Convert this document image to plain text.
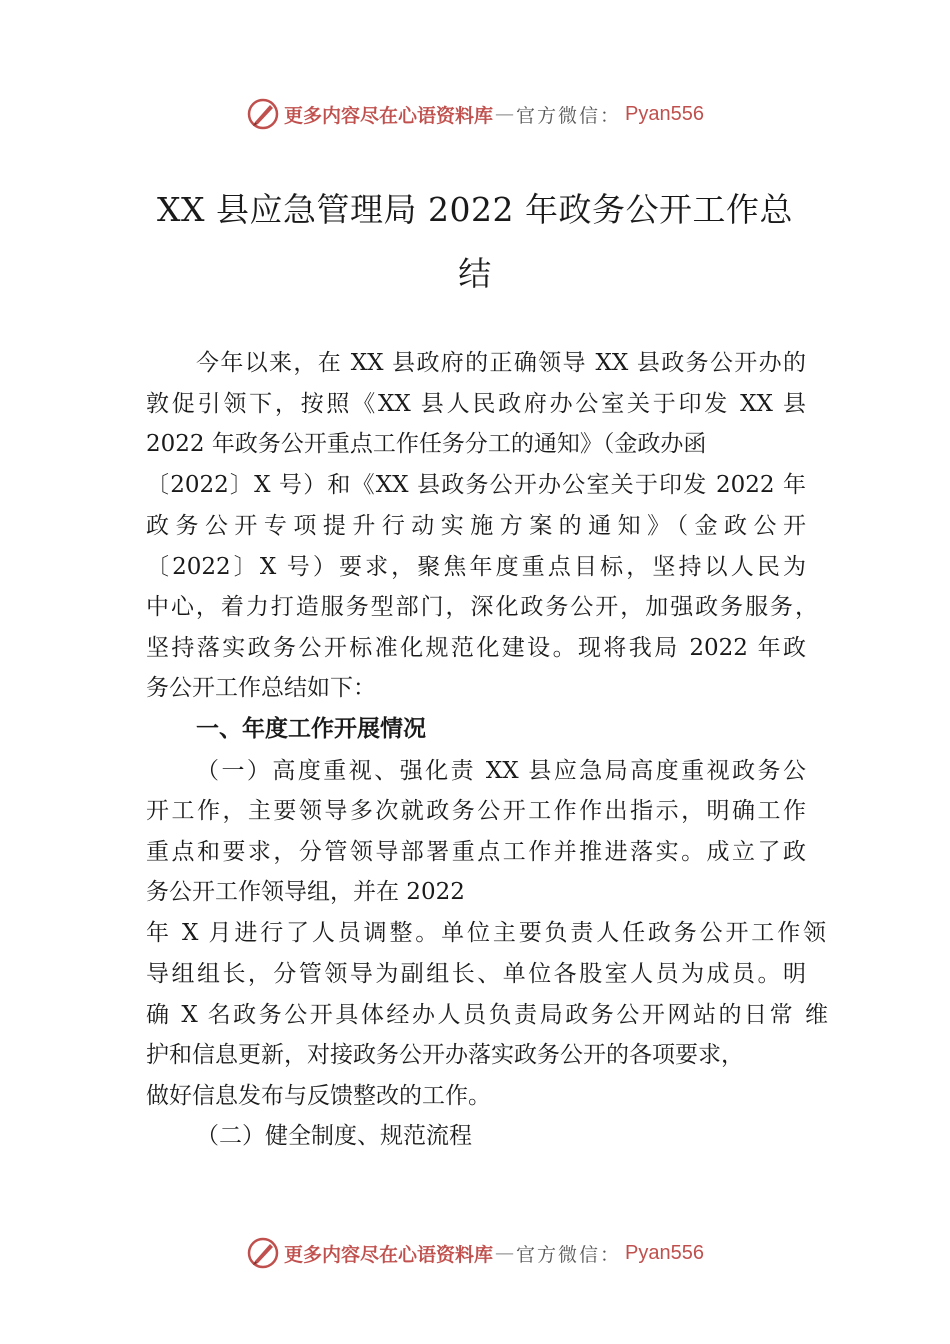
更多内容尽在心语资料库 — 官方微信： Pyan556
XX 县应急管理局 2022 年政务公开工作总
结
今年以来，在 XX 县政府的正确领导 XX 县政务公开办的
敦促引领下，按照《XX 县人民政府办公室关于印发 XX 县
2022 年政务公开重点工作任务分工的通知》（金政办函
〔2022〕X 号）和《XX 县政务公开办公室关于印发 2022 年
政务公开专项提升行动实施方案的通知》（金政公开
〔2022〕X 号）要求，聚焦年度重点目标，坚持以人民为
中心，着力打造服务型部门，深化政务公开，加强政务服务，
坚持落实政务公开标准化规范化建设。现将我局 2022 年政
务公开工作总结如下：
一、年度工作开展情况
（一）高度重视、强化责 XX 县应急局高度重视政务公
开工作，主要领导多次就政务公开工作作出指示，明确工作
重点和要求，分管领导部署重点工作并推进落实。成立了政
务公开工作领导组，并在 2022
年 X 月进行了人员调整。单位主要负责人任政务公开工作领
导组组长，分管领导为副组长、单位各股室人员为成员。明
确 X 名政务公开具体经办人员负责局政务公开网站的日常 维
护和信息更新，对接政务公开办落实政务公开的各项要求，
做好信息发布与反馈整改的工作。
（二）健全制度、规范流程
更多内容尽在心语资料库 — 官方微信： Pyan556
